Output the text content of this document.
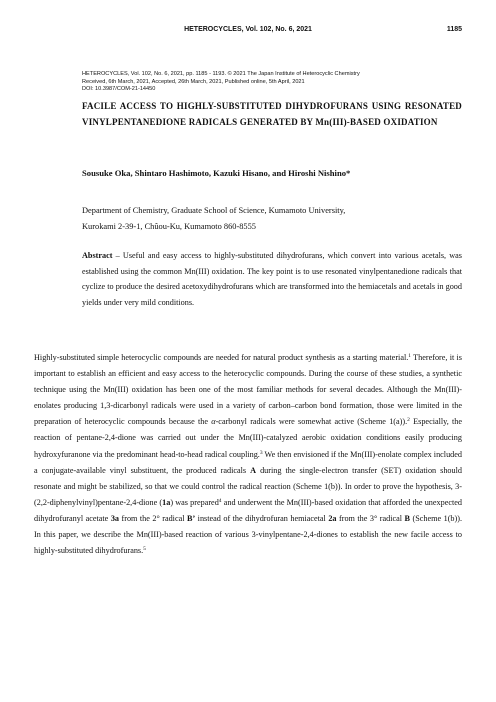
HETEROCYCLES, Vol. 102, No. 6, 2021	1185
HETEROCYCLES, Vol. 102, No. 6, 2021, pp. 1185 - 1193. © 2021 The Japan Institute of Heterocyclic Chemistry
Received, 6th March, 2021, Accepted, 26th March, 2021, Published online, 5th April, 2021
DOI: 10.3987/COM-21-14450
FACILE ACCESS TO HIGHLY-SUBSTITUTED DIHYDROFURANS USING RESONATED VINYLPENTANEDIONE RADICALS GENERATED BY Mn(III)-BASED OXIDATION
Sousuke Oka, Shintaro Hashimoto, Kazuki Hisano, and Hiroshi Nishino*
Department of Chemistry, Graduate School of Science, Kumamoto University,
Kurokami 2-39-1, Chûou-Ku, Kumamoto 860-8555
Abstract – Useful and easy access to highly-substituted dihydrofurans, which convert into various acetals, was established using the common Mn(III) oxidation. The key point is to use resonated vinylpentanedione radicals that cyclize to produce the desired acetoxydihydrofurans which are transformed into the hemiacetals and acetals in good yields under very mild conditions.
Highly-substituted simple heterocyclic compounds are needed for natural product synthesis as a starting material.$^1$ Therefore, it is important to establish an efficient and easy access to the heterocyclic compounds. During the course of these studies, a synthetic technique using the Mn(III) oxidation has been one of the most familiar methods for several decades. Although the Mn(III)-enolates producing 1,3-dicarbonyl radicals were used in a variety of carbon–carbon bond formation, those were limited in the preparation of heterocyclic compounds because the α-carbonyl radicals were somewhat active (Scheme 1(a)).$^2$ Especially, the reaction of pentane-2,4-dione was carried out under the Mn(III)-catalyzed aerobic oxidation conditions easily producing hydroxyfuranone via the predominant head-to-head radical coupling.$^3$ We then envisioned if the Mn(III)-enolate complex included a conjugate-available vinyl substituent, the produced radicals A during the single-electron transfer (SET) oxidation should resonate and might be stabilized, so that we could control the radical reaction (Scheme 1(b)). In order to prove the hypothesis, 3-(2,2-diphenylvinyl)pentane-2,4-dione (1a) was prepared$^4$ and underwent the Mn(III)-based oxidation that afforded the unexpected dihydrofuranyl acetate 3a from the 2° radical B’ instead of the dihydrofuran hemiacetal 2a from the 3° radical B (Scheme 1(b)). In this paper, we describe the Mn(III)-based reaction of various 3-vinylpentane-2,4-diones to establish the new facile access to highly-substituted dihydrofurans.$^5$
